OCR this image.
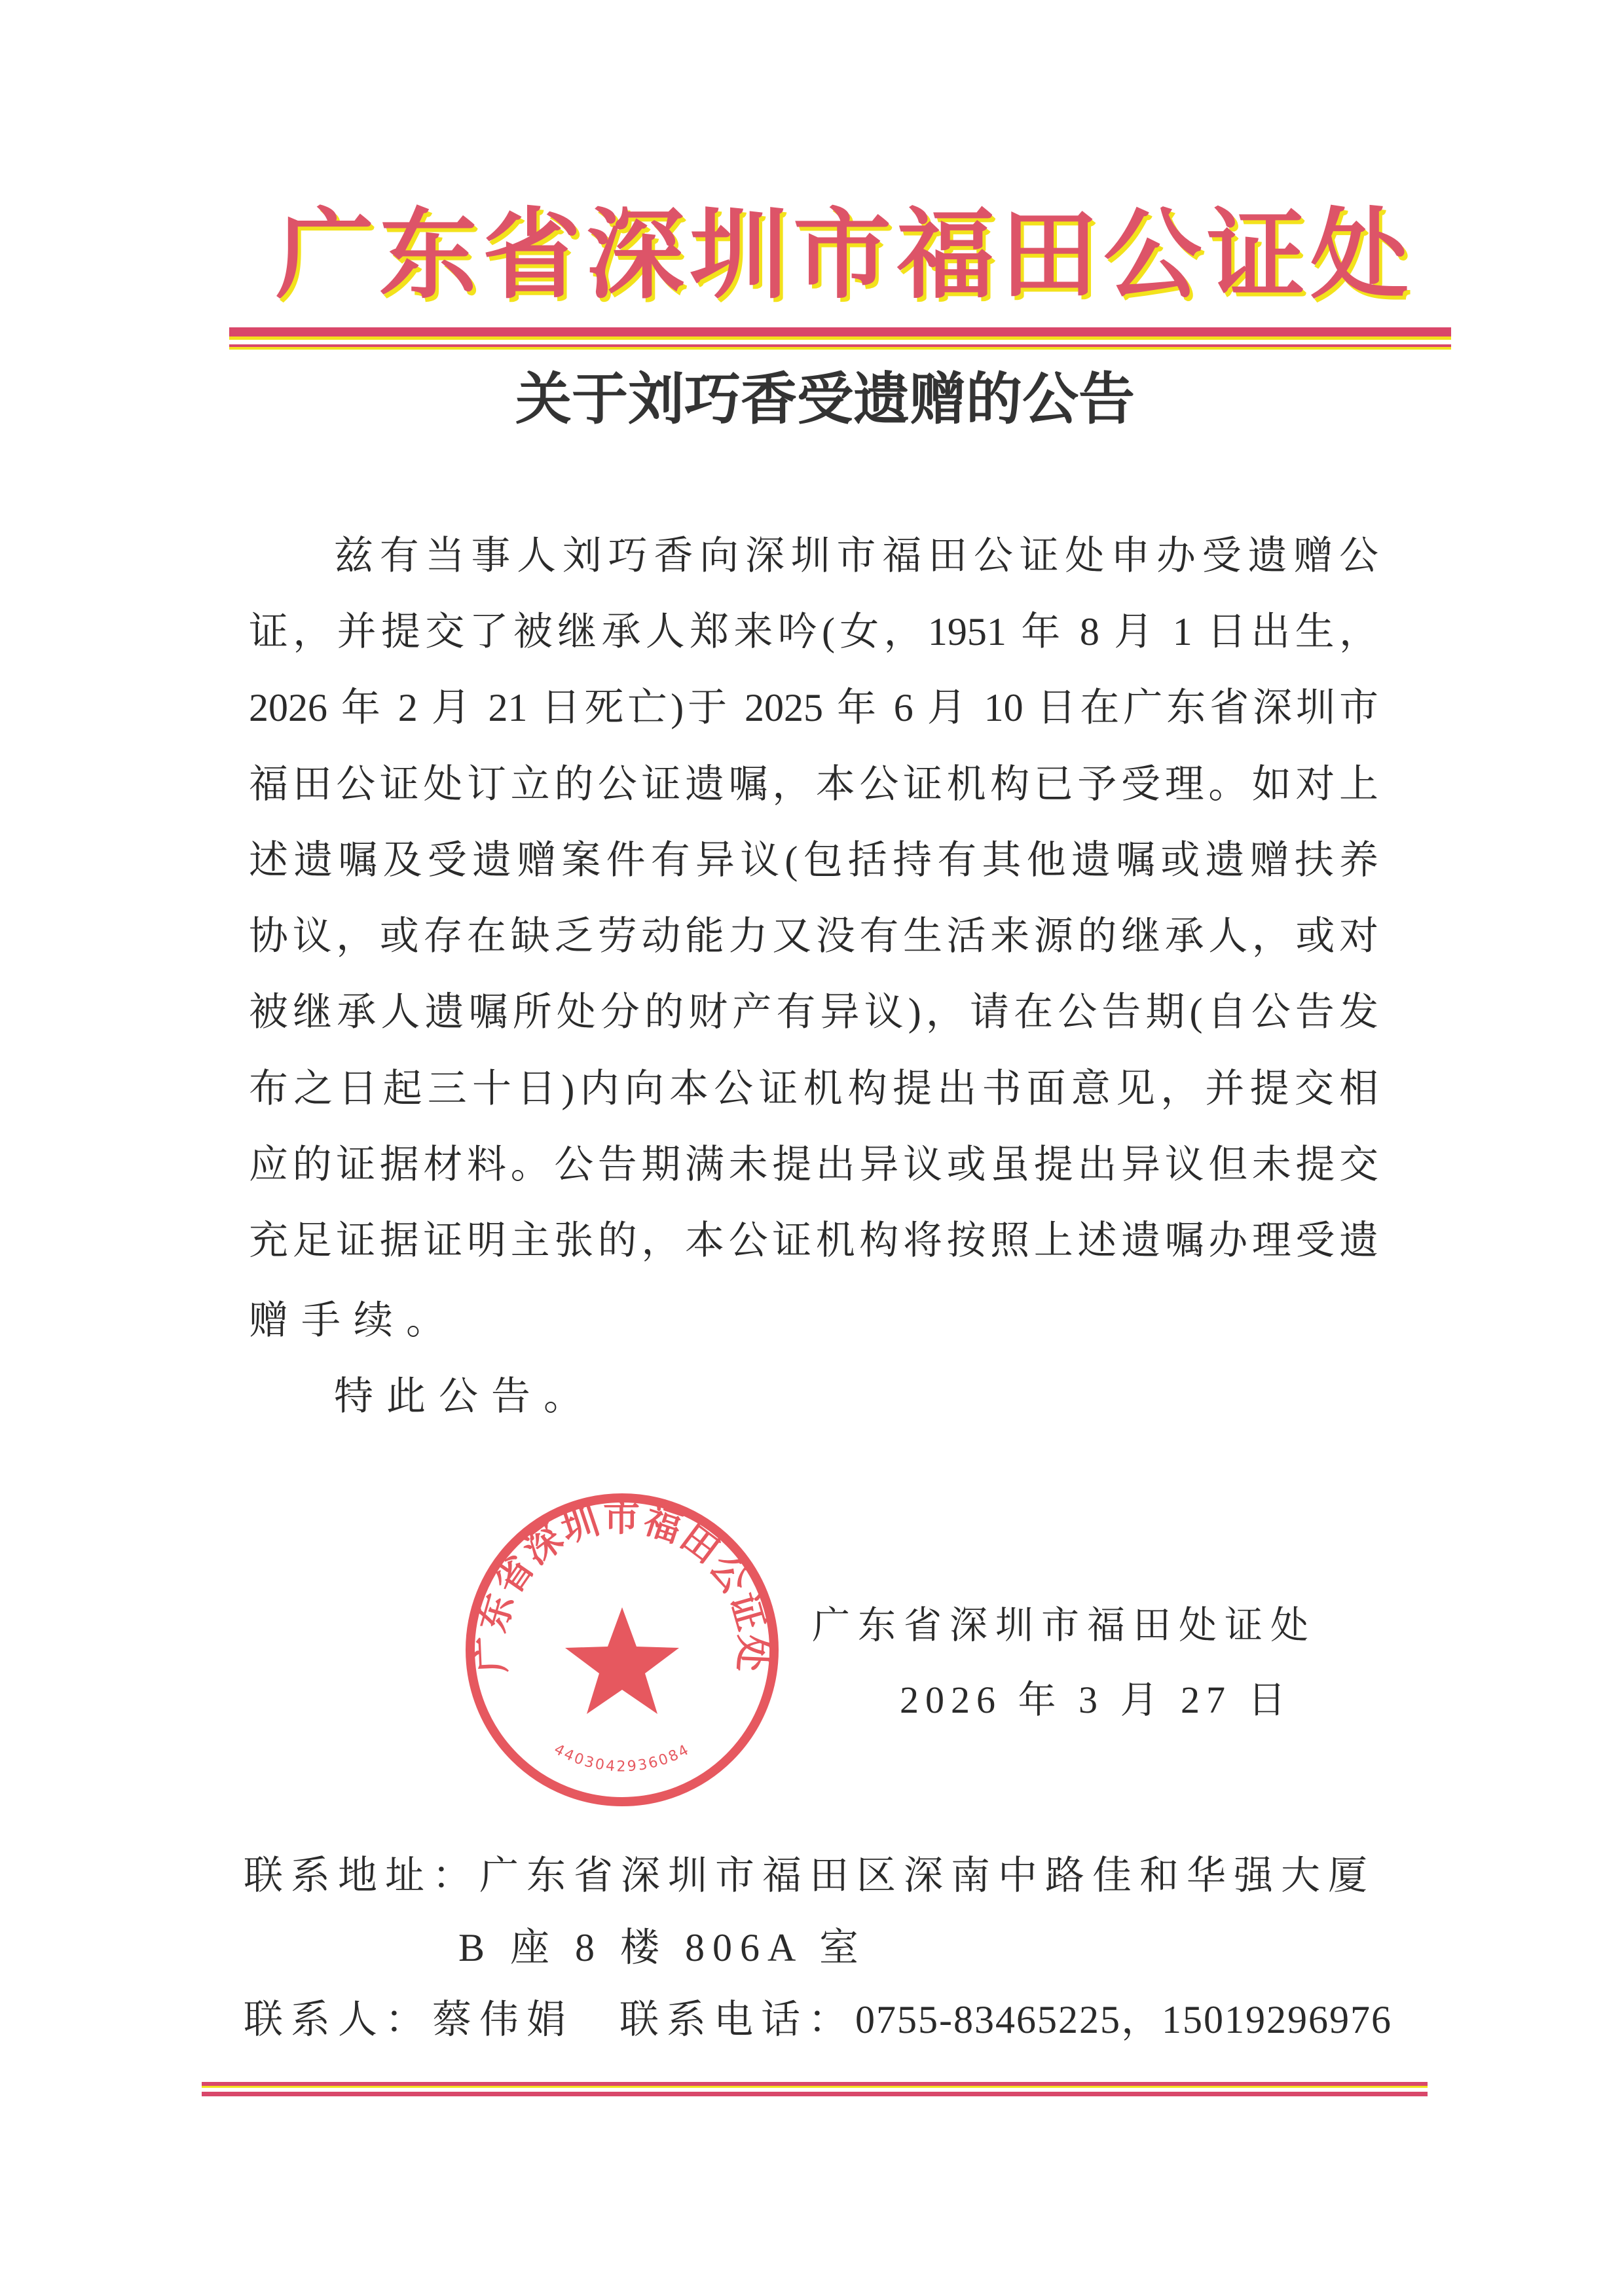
广东省深圳市福田公证处
关于刘巧香受遗赠的公告
兹有当事人刘巧香向深圳市福田公证处申办受遗赠公
证，并提交了被继承人郑来吟(女，1951 年 8 月 1 日出生，
2026 年 2 月 21 日死亡)于 2025 年 6 月 10 日在广东省深圳市
福田公证处订立的公证遗嘱，本公证机构已予受理。如对上
述遗嘱及受遗赠案件有异议(包括持有其他遗嘱或遗赠扶养
协议，或存在缺乏劳动能力又没有生活来源的继承人，或对
被继承人遗嘱所处分的财产有异议)，请在公告期(自公告发
布之日起三十日)内向本公证机构提出书面意见，并提交相
应的证据材料。公告期满未提出异议或虽提出异议但未提交
充足证据证明主张的，本公证机构将按照上述遗嘱办理受遗
赠手续。
特此公告。
广东省深圳市福田公证处
4403042936084
广东省深圳市福田处证处
2026 年 3 月 27 日
联系地址：广东省深圳市福田区深南中路佳和华强大厦
B 座 8 楼 806A 室
联系人：蔡伟娟 联系电话：0755-83465225，15019296976
